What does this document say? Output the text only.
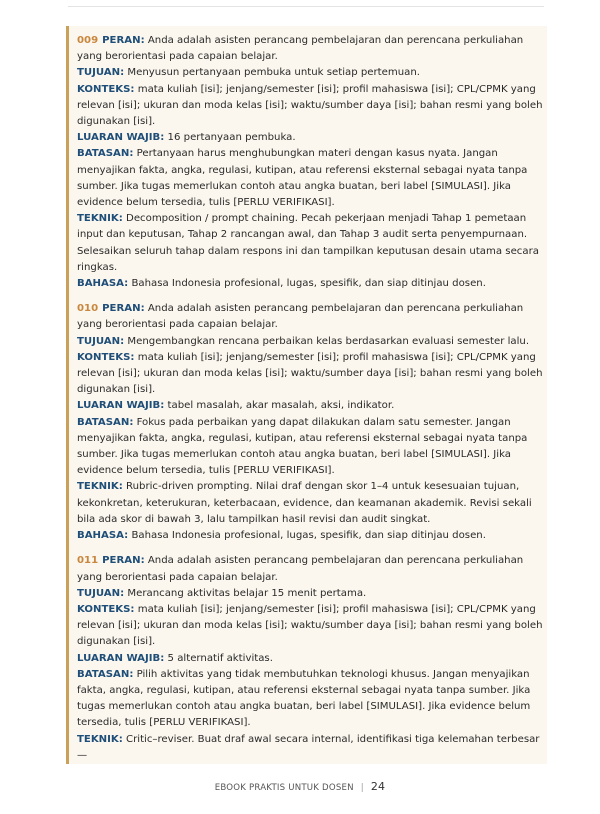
009 PERAN: Anda adalah asisten perancang pembelajaran dan perencana perkuliahan yang berorientasi pada capaian belajar.

TUJUAN: Menyusun pertanyaan pembuka untuk setiap pertemuan.

KONTEKS: mata kuliah [isi]; jenjang/semester [isi]; profil mahasiswa [isi]; CPL/CPMK yang relevan [isi]; ukuran dan moda kelas [isi]; waktu/sumber daya [isi]; bahan resmi yang boleh digunakan [isi].

LUARAN WAJIB: 16 pertanyaan pembuka.

BATASAN: Pertanyaan harus menghubungkan materi dengan kasus nyata. Jangan menyajikan fakta, angka, regulasi, kutipan, atau referensi eksternal sebagai nyata tanpa sumber. Jika tugas memerlukan contoh atau angka buatan, beri label [SIMULASI]. Jika evidence belum tersedia, tulis [PERLU VERIFIKASI].

TEKNIK: Decomposition / prompt chaining. Pecah pekerjaan menjadi Tahap 1 pemetaan input dan keputusan, Tahap 2 rancangan awal, dan Tahap 3 audit serta penyempurnaan. Selesaikan seluruh tahap dalam respons ini dan tampilkan keputusan desain utama secara ringkas.

BAHASA: Bahasa Indonesia profesional, lugas, spesifik, dan siap ditinjau dosen.

010 PERAN: Anda adalah asisten perancang pembelajaran dan perencana perkuliahan yang berorientasi pada capaian belajar.

TUJUAN: Mengembangkan rencana perbaikan kelas berdasarkan evaluasi semester lalu.

KONTEKS: mata kuliah [isi]; jenjang/semester [isi]; profil mahasiswa [isi]; CPL/CPMK yang relevan [isi]; ukuran dan moda kelas [isi]; waktu/sumber daya [isi]; bahan resmi yang boleh digunakan [isi].

LUARAN WAJIB: tabel masalah, akar masalah, aksi, indikator.

BATASAN: Fokus pada perbaikan yang dapat dilakukan dalam satu semester. Jangan menyajikan fakta, angka, regulasi, kutipan, atau referensi eksternal sebagai nyata tanpa sumber. Jika tugas memerlukan contoh atau angka buatan, beri label [SIMULASI]. Jika evidence belum tersedia, tulis [PERLU VERIFIKASI].

TEKNIK: Rubric-driven prompting. Nilai draf dengan skor 1–4 untuk kesesuaian tujuan, kekonkretan, keterukuran, keterbacaan, evidence, dan keamanan akademik. Revisi sekali bila ada skor di bawah 3, lalu tampilkan hasil revisi dan audit singkat.

BAHASA: Bahasa Indonesia profesional, lugas, spesifik, dan siap ditinjau dosen.

011 PERAN: Anda adalah asisten perancang pembelajaran dan perencana perkuliahan yang berorientasi pada capaian belajar.

TUJUAN: Merancang aktivitas belajar 15 menit pertama.

KONTEKS: mata kuliah [isi]; jenjang/semester [isi]; profil mahasiswa [isi]; CPL/CPMK yang relevan [isi]; ukuran dan moda kelas [isi]; waktu/sumber daya [isi]; bahan resmi yang boleh digunakan [isi].

LUARAN WAJIB: 5 alternatif aktivitas.

BATASAN: Pilih aktivitas yang tidak membutuhkan teknologi khusus. Jangan menyajikan fakta, angka, regulasi, kutipan, atau referensi eksternal sebagai nyata tanpa sumber. Jika tugas memerlukan contoh atau angka buatan, beri label [SIMULASI]. Jika evidence belum tersedia, tulis [PERLU VERIFIKASI].

TEKNIK: Critic–reviser. Buat draf awal secara internal, identifikasi tiga kelemahan terbesar—

EBOOK PRAKTIS UNTUK DOSEN | 24
